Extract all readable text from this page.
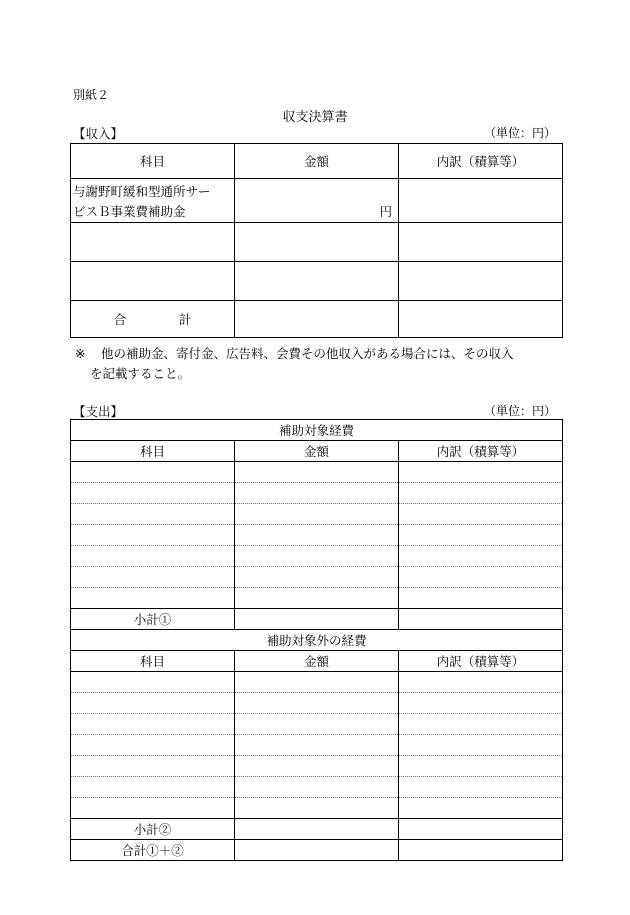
別紙２
収支決算書
【収入】	（単位：円）
科目	金額	内訳（積算等）
与謝野町緩和型通所サー
ビスＢ事業費補助金	円	

合　計		
※ 他の補助金、寄付金、広告料、会費その他収入がある場合には、その収入
を記載すること。
【支出】	（単位：円）
補助対象経費		
科目	金額	内訳（積算等）

小計①		
補助対象外の経費		
科目	金額	内訳（積算等）

小計②		
合計①＋②		
